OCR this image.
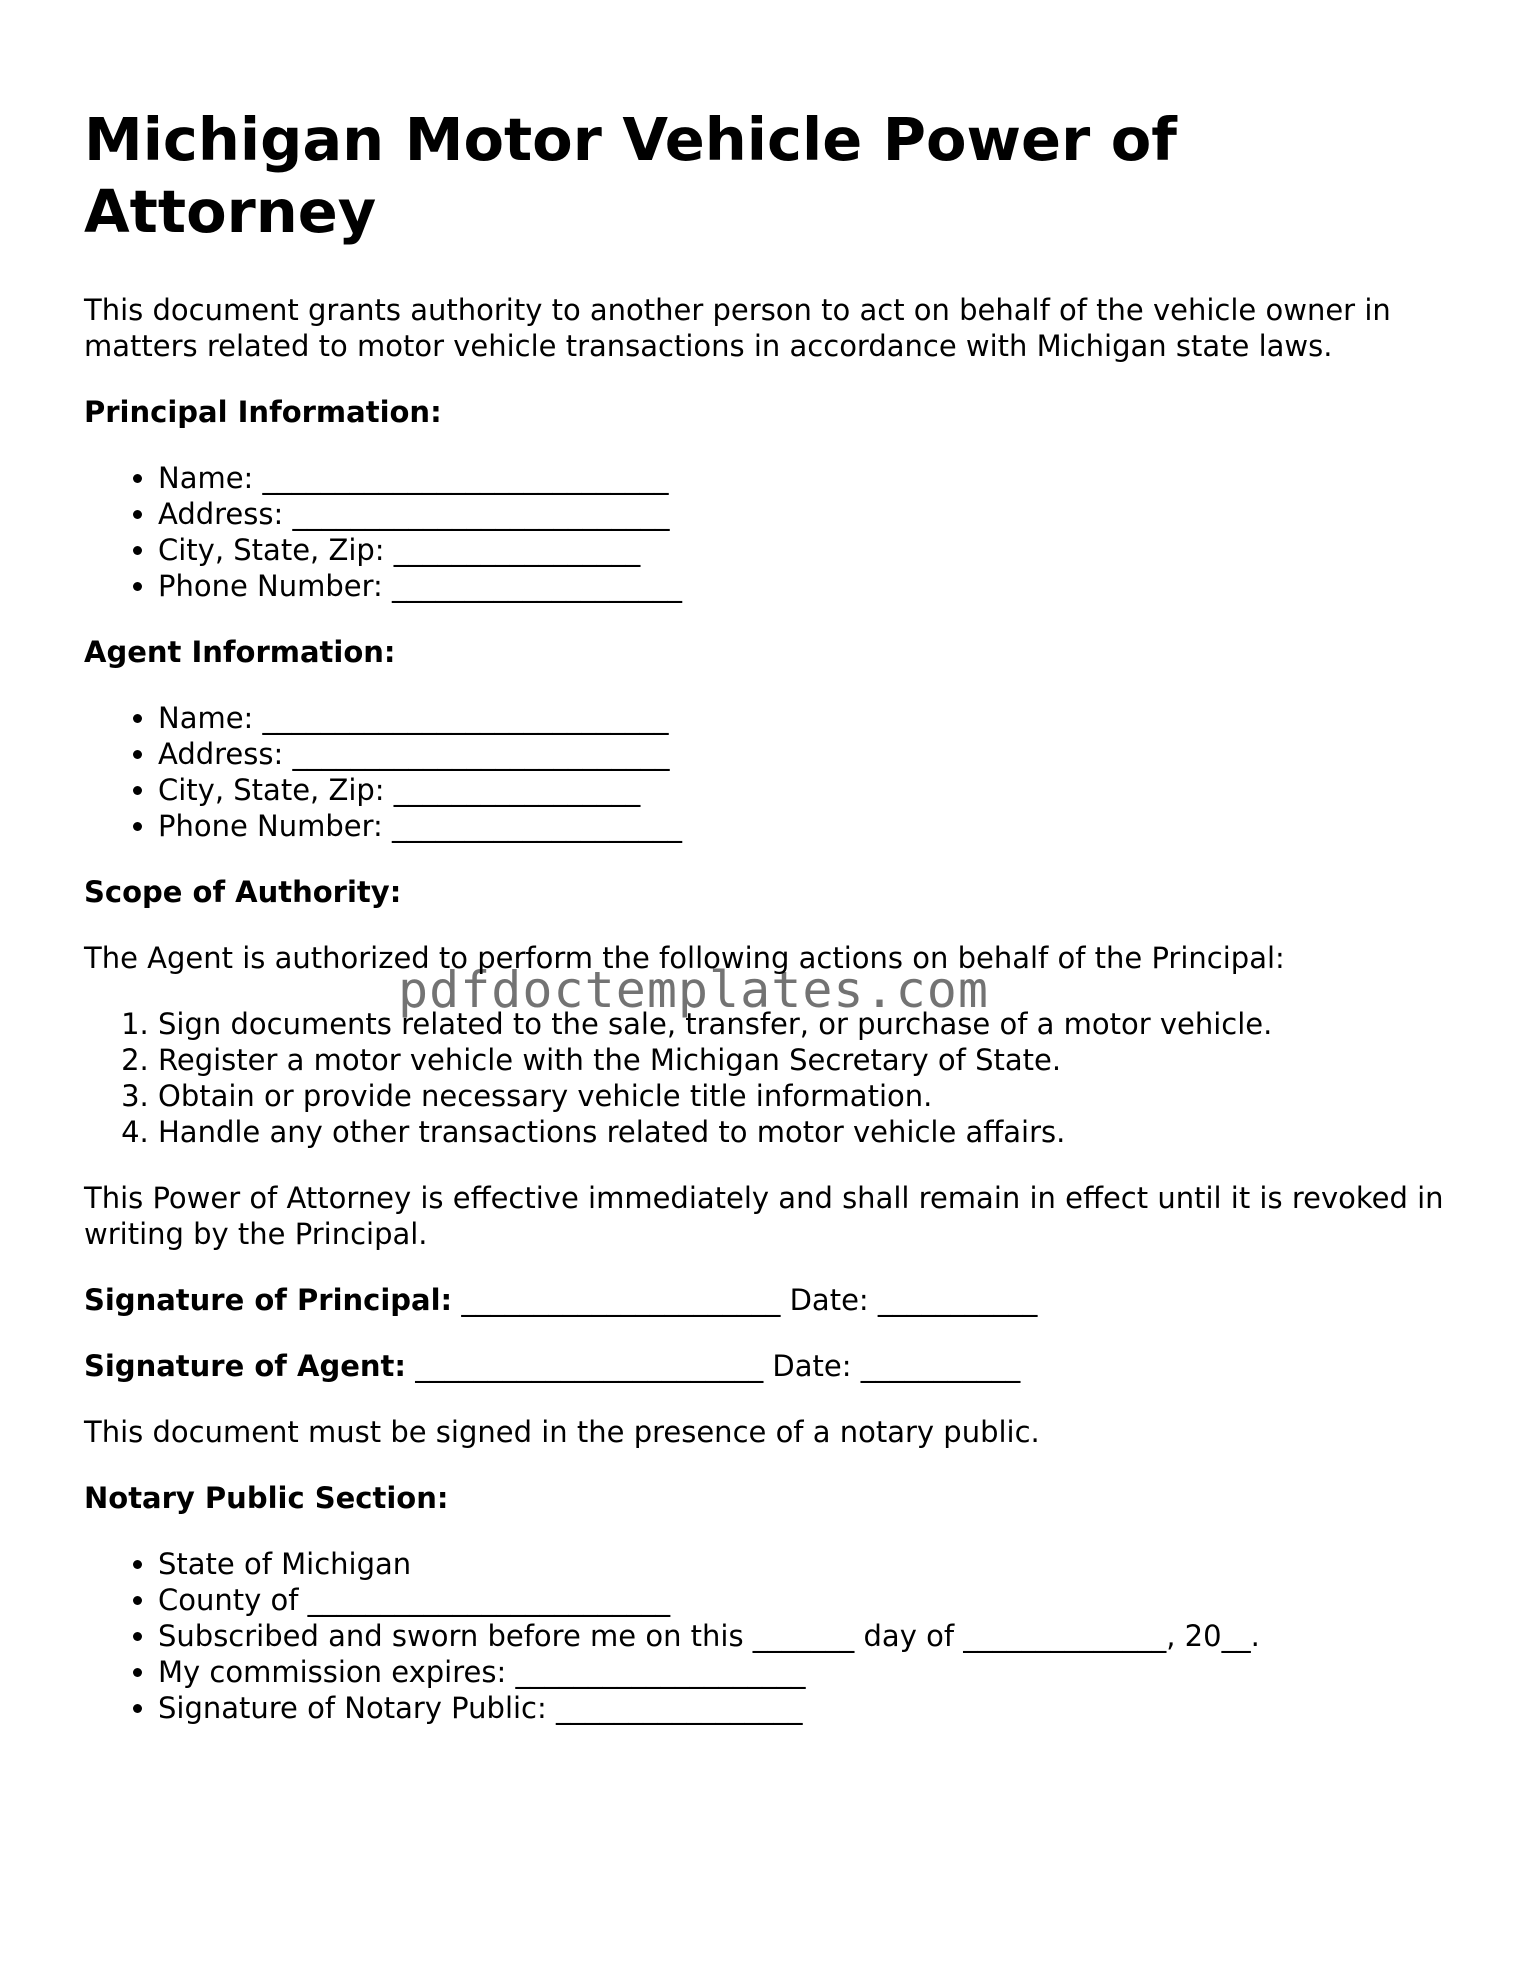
Michigan Motor Vehicle Power of Attorney
This document grants authority to another person to act on behalf of the vehicle owner in matters related to motor vehicle transactions in accordance with Michigan state laws.
Principal Information:
• Name: ____________________________
• Address: __________________________
• City, State, Zip: _________________
• Phone Number: ____________________
Agent Information:
• Name: ____________________________
• Address: __________________________
• City, State, Zip: _________________
• Phone Number: ____________________
Scope of Authority:

The Agent is authorized to perform the following actions on behalf of the Principal:

1. Sign documents related to the sale, transfer, or purchase of a motor vehicle.
2. Register a motor vehicle with the Michigan Secretary of State.
3. Obtain or provide necessary vehicle title information.
4. Handle any other transactions related to motor vehicle affairs.

This Power of Attorney is effective immediately and shall remain in effect until it is revoked in writing by the Principal.

Signature of Principal: ______________________ Date: ___________
Signature of Agent: ________________________ Date: ___________

This document must be signed in the presence of a notary public.

Notary Public Section:
• State of Michigan
• County of _________________________
• Subscribed and sworn before me on this _______ day of ______________, 20__.
• My commission expires: ____________________
• Signature of Notary Public: _________________
pdfdoctemplates.com
